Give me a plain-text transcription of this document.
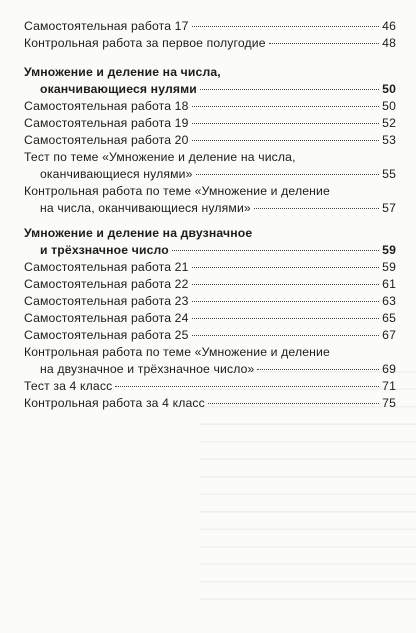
Самостоятельная работа 17	46
Контрольная работа за первое полугодие	48
Умножение и деление на числа,
оканчивающиеся нулями	50
Самостоятельная работа 18	50
Самостоятельная работа 19	52
Самостоятельная работа 20	53
Тест по теме «Умножение и деление на числа,
оканчивающиеся нулями»	55
Контрольная работа по теме «Умножение и деление
на числа, оканчивающиеся нулями»	57
Умножение и деление на двузначное
и трёхзначное число	59
Самостоятельная работа 21	59
Самостоятельная работа 22	61
Самостоятельная работа 23	63
Самостоятельная работа 24	65
Самостоятельная работа 25	67
Контрольная работа по теме «Умножение и деление
на двузначное и трёхзначное число»	69
Тест за 4 класс	71
Контрольная работа за 4 класс	75
